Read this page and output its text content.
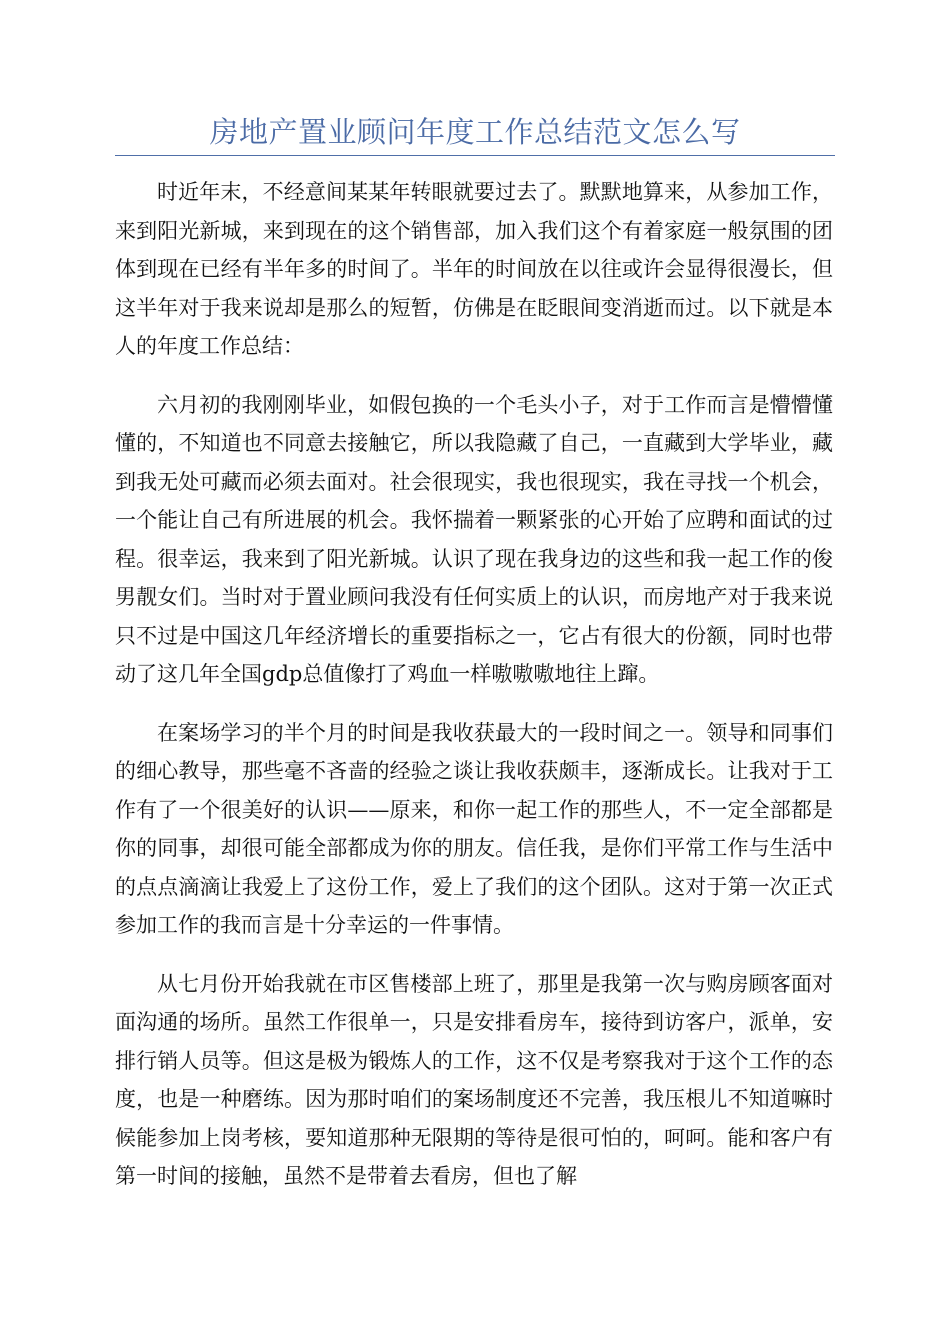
房地产置业顾问年度工作总结范文怎么写

时近年末，不经意间某某年转眼就要过去了。默默地算来，从参加工作，来到阳光新城，来到现在的这个销售部，加入我们这个有着家庭一般氛围的团体到现在已经有半年多的时间了。半年的时间放在以往或许会显得很漫长，但这半年对于我来说却是那么的短暂，仿佛是在眨眼间变消逝而过。以下就是本人的年度工作总结：

六月初的我刚刚毕业，如假包换的一个毛头小子，对于工作而言是懵懵懂懂的，不知道也不同意去接触它，所以我隐藏了自己，一直藏到大学毕业，藏到我无处可藏而必须去面对。社会很现实，我也很现实，我在寻找一个机会，一个能让自己有所进展的机会。我怀揣着一颗紧张的心开始了应聘和面试的过程。很幸运，我来到了阳光新城。认识了现在我身边的这些和我一起工作的俊男靓女们。当时对于置业顾问我没有任何实质上的认识，而房地产对于我来说只不过是中国这几年经济增长的重要指标之一，它占有很大的份额，同时也带动了这几年全国gdp总值像打了鸡血一样嗷嗷嗷地往上蹿。

在案场学习的半个月的时间是我收获最大的一段时间之一。领导和同事们的细心教导，那些毫不吝啬的经验之谈让我收获颇丰，逐渐成长。让我对于工作有了一个很美好的认识——原来，和你一起工作的那些人，不一定全部都是你的同事，却很可能全部都成为你的朋友。信任我，是你们平常工作与生活中的点点滴滴让我爱上了这份工作，爱上了我们的这个团队。这对于第一次正式参加工作的我而言是十分幸运的一件事情。

从七月份开始我就在市区售楼部上班了，那里是我第一次与购房顾客面对面沟通的场所。虽然工作很单一，只是安排看房车，接待到访客户，派单，安排行销人员等。但这是极为锻炼人的工作，这不仅是考察我对于这个工作的态度，也是一种磨练。因为那时咱们的案场制度还不完善，我压根儿不知道嘛时候能参加上岗考核，要知道那种无限期的等待是很可怕的，呵呵。能和客户有第一时间的接触，虽然不是带着去看房，但也了解
